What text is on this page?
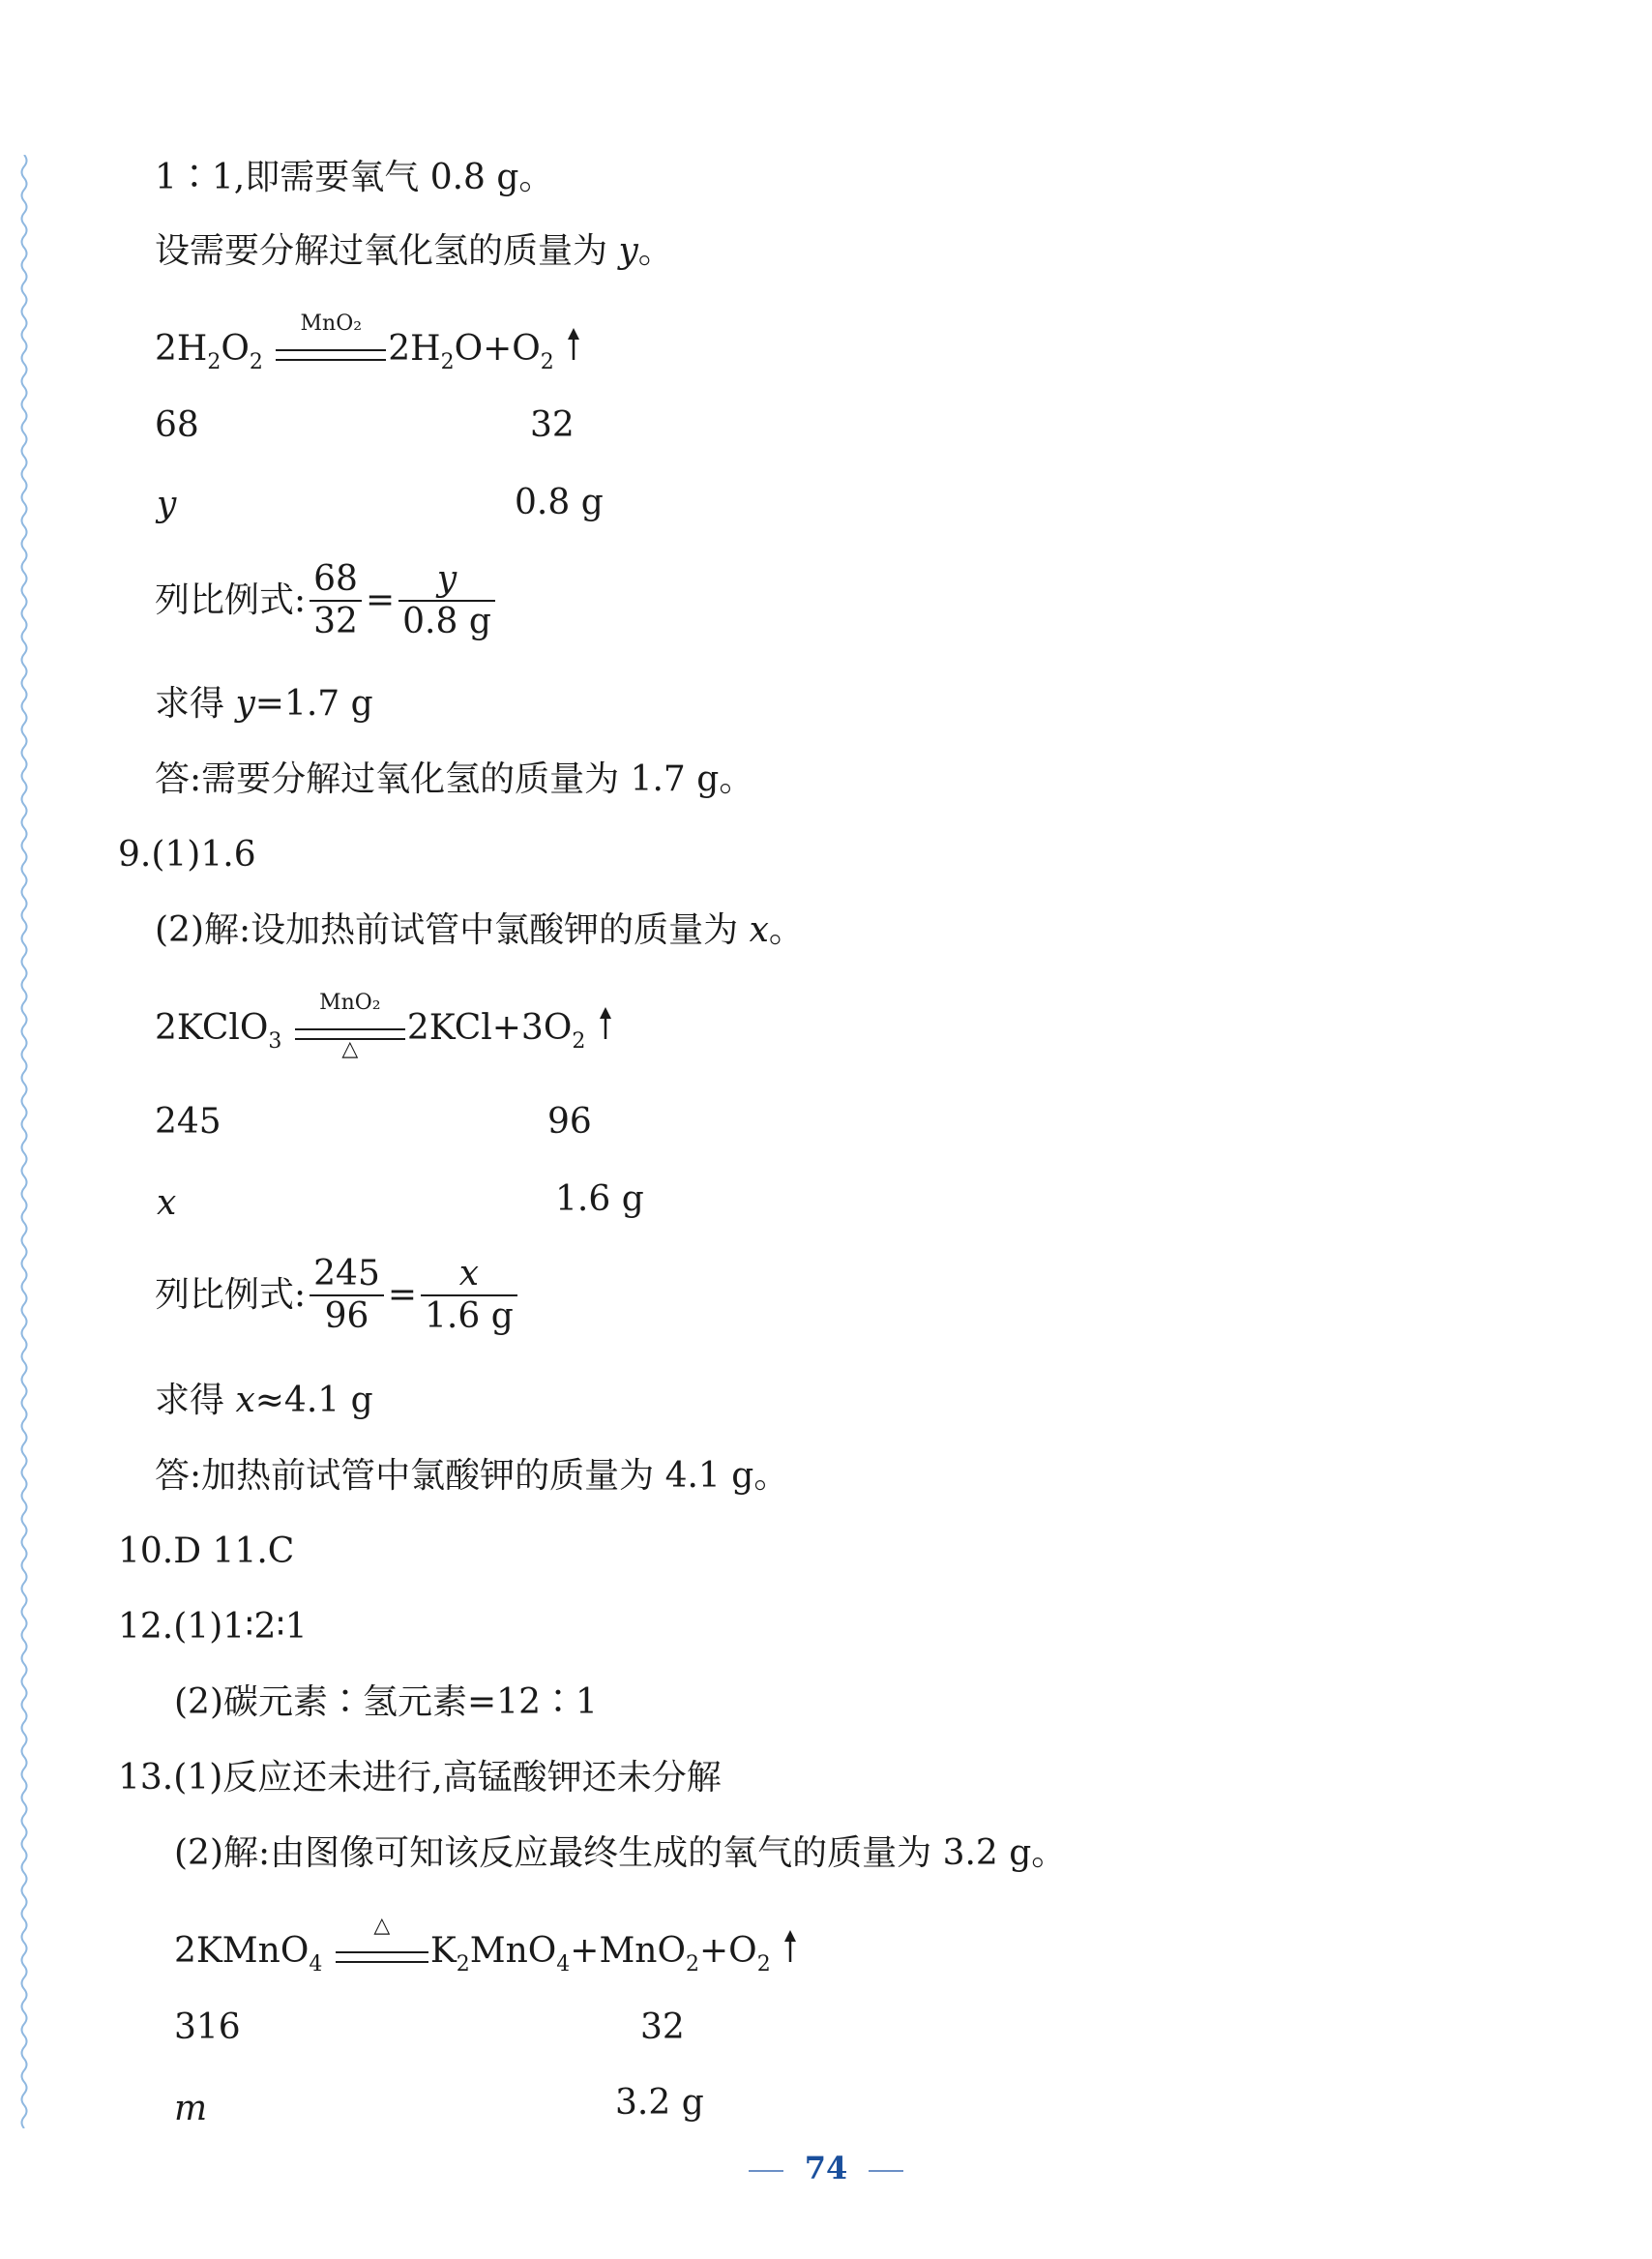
1∶1,即需要氧气 0.8 g。
设需要分解过氧化氢的质量为 y。
$2H_2O_2$
MnO₂
$2H_2O+O_2$
68	32
y	0.8 g
列比例式: $\frac{68}{32} = \frac{y}{0.8 g}$
求得 y=1.7 g
答:需要分解过氧化氢的质量为 1.7 g。
9.(1)1.6
(2)解:设加热前试管中氯酸钾的质量为 x。
2KClO$_3$
MnO₂
△
$2KCl+3O_2$
245	96
x	1.6 g
列比例式: $\frac{245}{96} = \frac{x}{1.6 g}$
求得 x≈4.1 g
答:加热前试管中氯酸钾的质量为 4.1 g。
10.D 11.C
12.(1)1∶2∶1
(2)碳元素∶氢元素=12∶1
13.(1)反应还未进行,高锰酸钾还未分解
(2)解:由图像可知该反应最终生成的氧气的质量为 3.2 g。
2KMnO$_4$
△
$K_2MnO_4+MnO_2+O_2$
316	32
m	3.2 g
74
